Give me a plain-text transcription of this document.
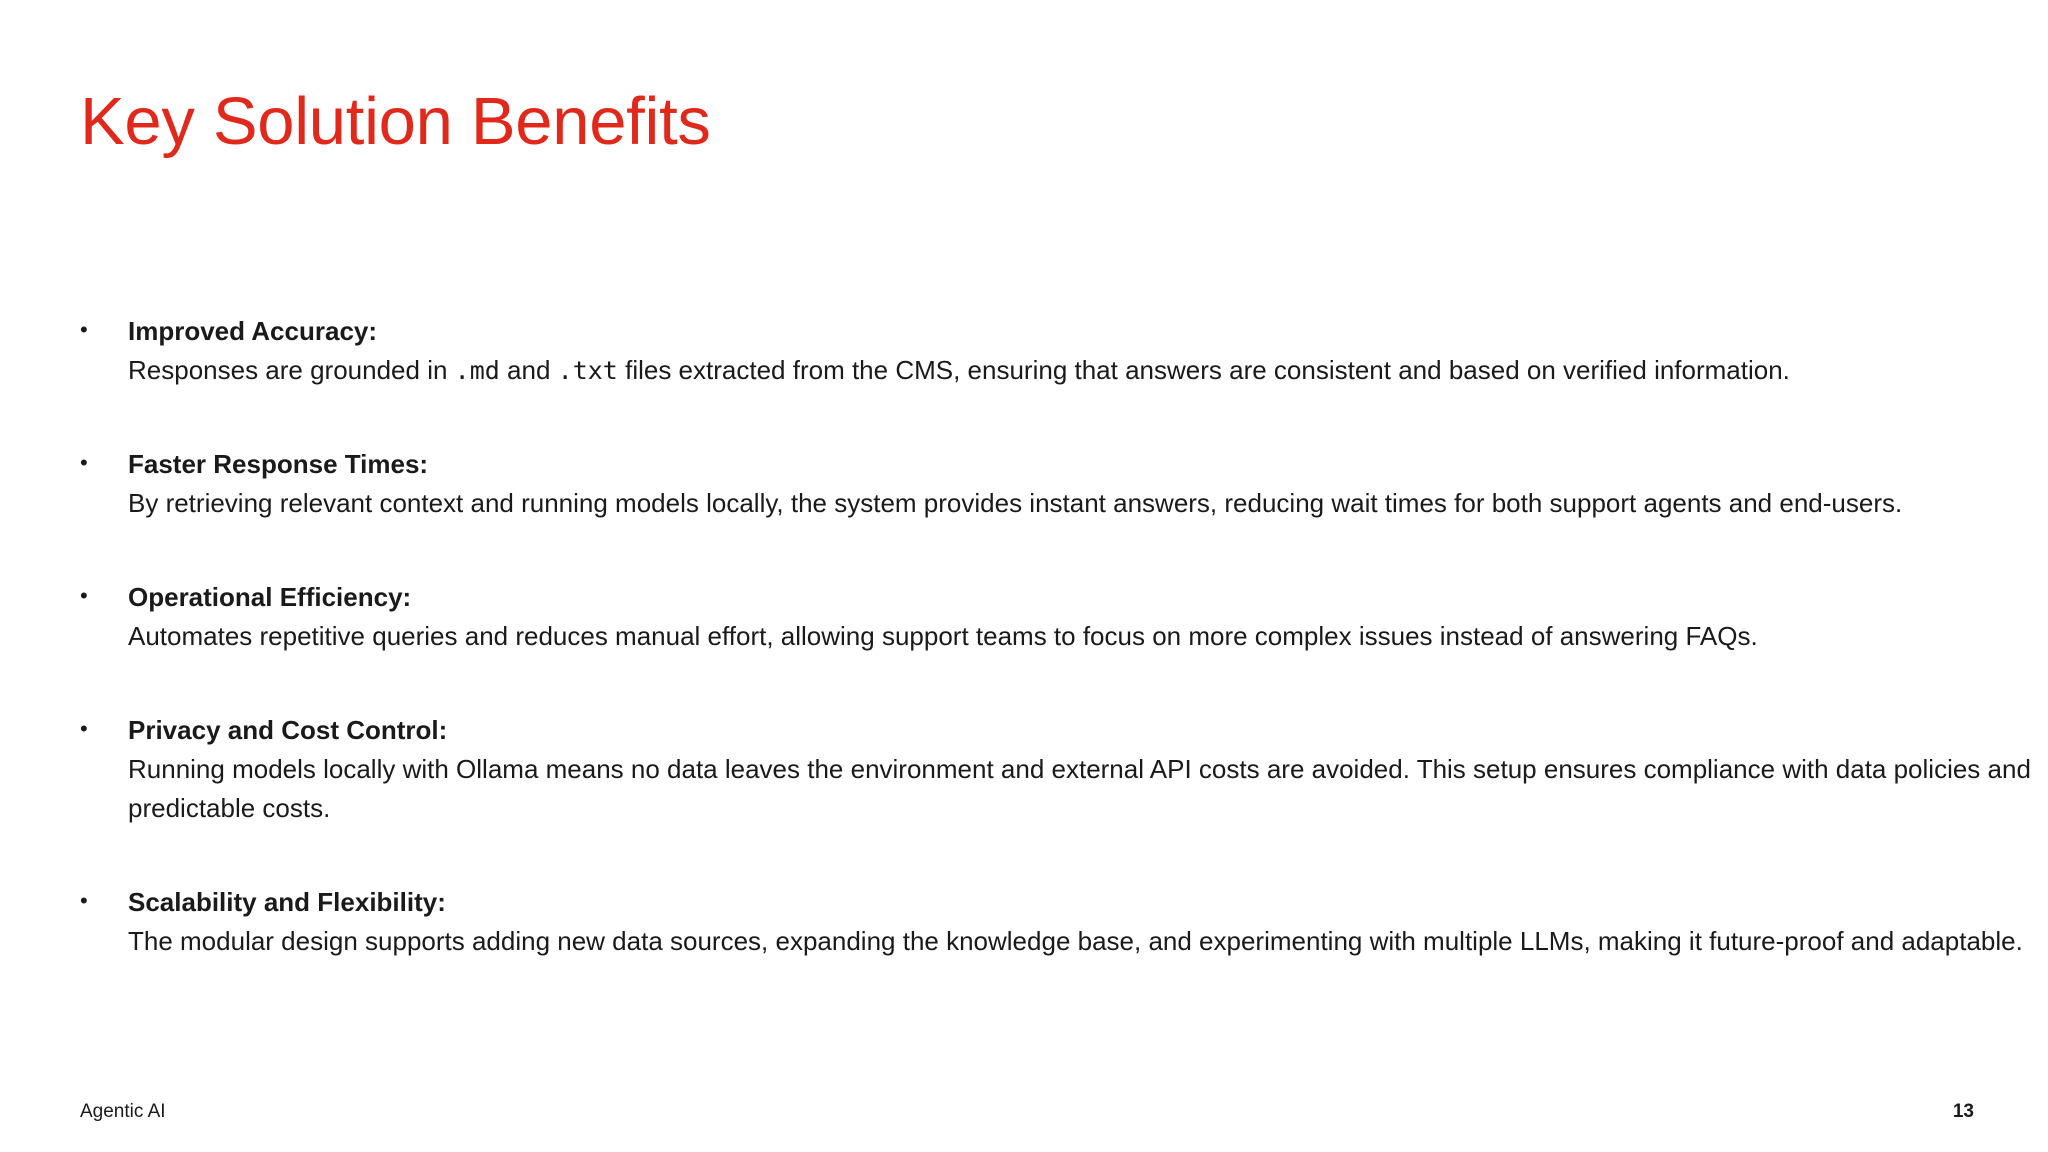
Key Solution Benefits
•	Improved Accuracy:
Responses are grounded in .md and .txt files extracted from the CMS, ensuring that answers are consistent and based on verified information.
•	Faster Response Times:
By retrieving relevant context and running models locally, the system provides instant answers, reducing wait times for both support agents and end-users.
•	Operational Efficiency:
Automates repetitive queries and reduces manual effort, allowing support teams to focus on more complex issues instead of answering FAQs.
•	Privacy and Cost Control:
Running models locally with Ollama means no data leaves the environment and external API costs are avoided. This setup ensures compliance with data policies and predictable costs.
•	Scalability and Flexibility:
The modular design supports adding new data sources, expanding the knowledge base, and experimenting with multiple LLMs, making it future-proof and adaptable.
Agentic AI	13
